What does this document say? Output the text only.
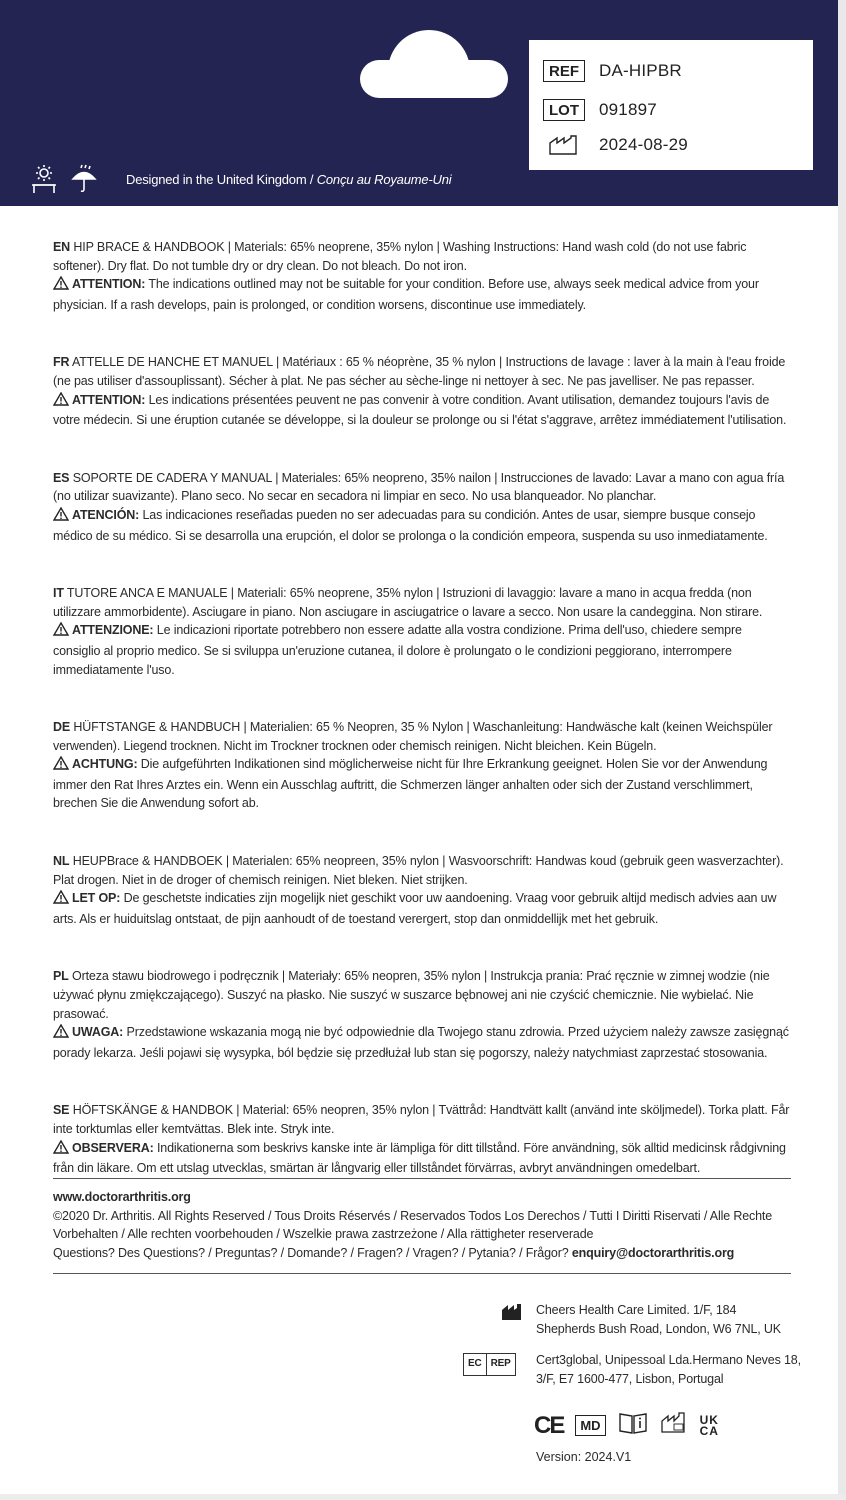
Designed in the United Kingdom / Conçu au Royaume-Uni
REF	DA-HIPBR
LOT	091897
2024-08-29

EN HIP BRACE & HANDBOOK | Materials: 65% neoprene, 35% nylon | Washing Instructions: Hand wash cold (do not use fabric softener). Dry flat. Do not tumble dry or dry clean. Do not bleach. Do not iron.

ATTENTION: The indications outlined may not be suitable for your condition. Before use, always seek medical advice from your physician. If a rash develops, pain is prolonged, or condition worsens, discontinue use immediately.

FR ATTELLE DE HANCHE ET MANUEL | Matériaux : 65 % néoprène, 35 % nylon | Instructions de lavage : laver à la main à l'eau froide (ne pas utiliser d'assouplissant). Sécher à plat. Ne pas sécher au sèche-linge ni nettoyer à sec. Ne pas javelliser. Ne pas repasser.

ATTENTION: Les indications présentées peuvent ne pas convenir à votre condition. Avant utilisation, demandez toujours l'avis de votre médecin. Si une éruption cutanée se développe, si la douleur se prolonge ou si l'état s'aggrave, arrêtez immédiatement l'utilisation.

ES SOPORTE DE CADERA Y MANUAL | Materiales: 65% neopreno, 35% nailon | Instrucciones de lavado: Lavar a mano con agua fría (no utilizar suavizante). Plano seco. No secar en secadora ni limpiar en seco. No usa blanqueador. No planchar.

ATENCIÓN: Las indicaciones reseñadas pueden no ser adecuadas para su condición. Antes de usar, siempre busque consejo médico de su médico. Si se desarrolla una erupción, el dolor se prolonga o la condición empeora, suspenda su uso inmediatamente.

IT TUTORE ANCA E MANUALE | Materiali: 65% neoprene, 35% nylon | Istruzioni di lavaggio: lavare a mano in acqua fredda (non utilizzare ammorbidente). Asciugare in piano. Non asciugare in asciugatrice o lavare a secco. Non usare la candeggina. Non stirare.

ATTENZIONE: Le indicazioni riportate potrebbero non essere adatte alla vostra condizione. Prima dell'uso, chiedere sempre consiglio al proprio medico. Se si sviluppa un'eruzione cutanea, il dolore è prolungato o le condizioni peggiorano, interrompere immediatamente l'uso.

DE HÜFTSTANGE & HANDBUCH | Materialien: 65 % Neopren, 35 % Nylon | Waschanleitung: Handwäsche kalt (keinen Weichspüler verwenden). Liegend trocknen. Nicht im Trockner trocknen oder chemisch reinigen. Nicht bleichen. Kein Bügeln.

ACHTUNG: Die aufgeführten Indikationen sind möglicherweise nicht für Ihre Erkrankung geeignet. Holen Sie vor der Anwendung immer den Rat Ihres Arztes ein. Wenn ein Ausschlag auftritt, die Schmerzen länger anhalten oder sich der Zustand verschlimmert, brechen Sie die Anwendung sofort ab.

NL HEUPBrace & HANDBOEK | Materialen: 65% neopreen, 35% nylon | Wasvoorschrift: Handwas koud (gebruik geen wasverzachter). Plat drogen. Niet in de droger of chemisch reinigen. Niet bleken. Niet strijken.

LET OP: De geschetste indicaties zijn mogelijk niet geschikt voor uw aandoening. Vraag voor gebruik altijd medisch advies aan uw arts. Als er huiduitslag ontstaat, de pijn aanhoudt of de toestand verergert, stop dan onmiddellijk met het gebruik.

PL Orteza stawu biodrowego i podręcznik | Materiały: 65% neopren, 35% nylon | Instrukcja prania: Prać ręcznie w zimnej wodzie (nie używać płynu zmiękczającego). Suszyć na płasko. Nie suszyć w suszarce bębnowej ani nie czyścić chemicznie. Nie wybielać. Nie prasować.

UWAGA: Przedstawione wskazania mogą nie być odpowiednie dla Twojego stanu zdrowia. Przed użyciem należy zawsze zasięgnąć porady lekarza. Jeśli pojawi się wysypka, ból będzie się przedłużał lub stan się pogorszy, należy natychmiast zaprzestać stosowania.

SE HÖFTSKÄNGE & HANDBOK | Material: 65% neopren, 35% nylon | Tvättråd: Handtvätt kallt (använd inte sköljmedel). Torka platt. Får inte torktumlas eller kemtvättas. Blek inte. Stryk inte.

OBSERVERA: Indikationerna som beskrivs kanske inte är lämpliga för ditt tillstånd. Före användning, sök alltid medicinsk rådgivning från din läkare. Om ett utslag utvecklas, smärtan är långvarig eller tillståndet förvärras, avbryt användningen omedelbart.

www.doctorarthritis.org

©2020 Dr. Arthritis. All Rights Reserved / Tous Droits Réservés / Reservados Todos Los Derechos / Tutti I Diritti Riservati / Alle Rechte Vorbehalten / Alle rechten voorbehouden / Wszelkie prawa zastrzeżone / Alla rättigheter reserverade

Questions? Des Questions? / Preguntas? / Domande? / Fragen? / Vragen? / Pytania? / Frågor? enquiry@doctorarthritis.org

Cheers Health Care Limited. 1/F, 184
Shepherds Bush Road, London, W6 7NL, UK
EC REP	Cert3global, Unipessoal Lda.Hermano Neves 18,
3/F, E7 1600-477, Lisbon, Portugal
CE	MD	UK
CA
Version: 2024.V1
